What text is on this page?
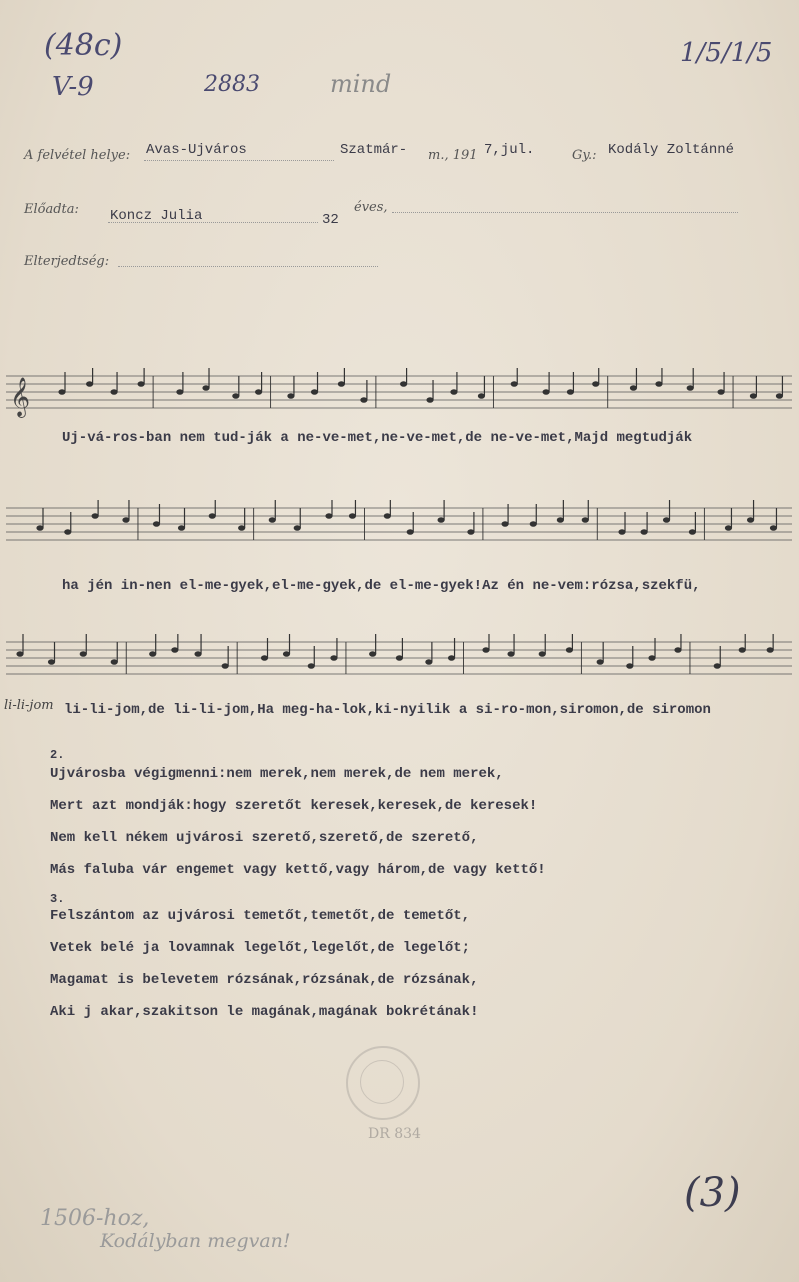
(48c)
V-9	2883	mind
1/5/1/5
A felvétel helye: Avas-Ujváros	Szatmár- m., 191 7,jul.	Gy.: Kodály Zoltánné
Előadta: Koncz Julia	32
éves,
Elterjedtség:
𝄞
Uj-vá-ros-ban nem tud-ják a ne-ve-met,ne-ve-met,de ne-ve-met,Majd megtudják
ha jén in-nen el-me-gyek,el-me-gyek,de el-me-gyek!Az én ne-vem:rózsa,szekfü,
li-li-jom li-li-jom,de li-li-jom,Ha meg-ha-lok,ki-nyilik a si-ro-mon,siromon,de siromon
2.
Ujvárosba végigmenni:nem merek,nem merek,de nem merek,
Mert azt mondják:hogy szeretőt keresek,keresek,de keresek!
Nem kell nékem ujvárosi szerető,szerető,de szerető,
Más faluba vár engemet vagy kettő,vagy három,de vagy kettő!
3.
Felszántom az ujvárosi temetőt,temetőt,de temetőt,
Vetek belé ja lovamnak legelőt,legelőt,de legelőt;
Magamat is belevetem rózsának,rózsának,de rózsának,
Aki j akar,szakitson le magának,magának bokrétának!
DR 834
1506-hoz,
Kodályban megvan!
(3)
